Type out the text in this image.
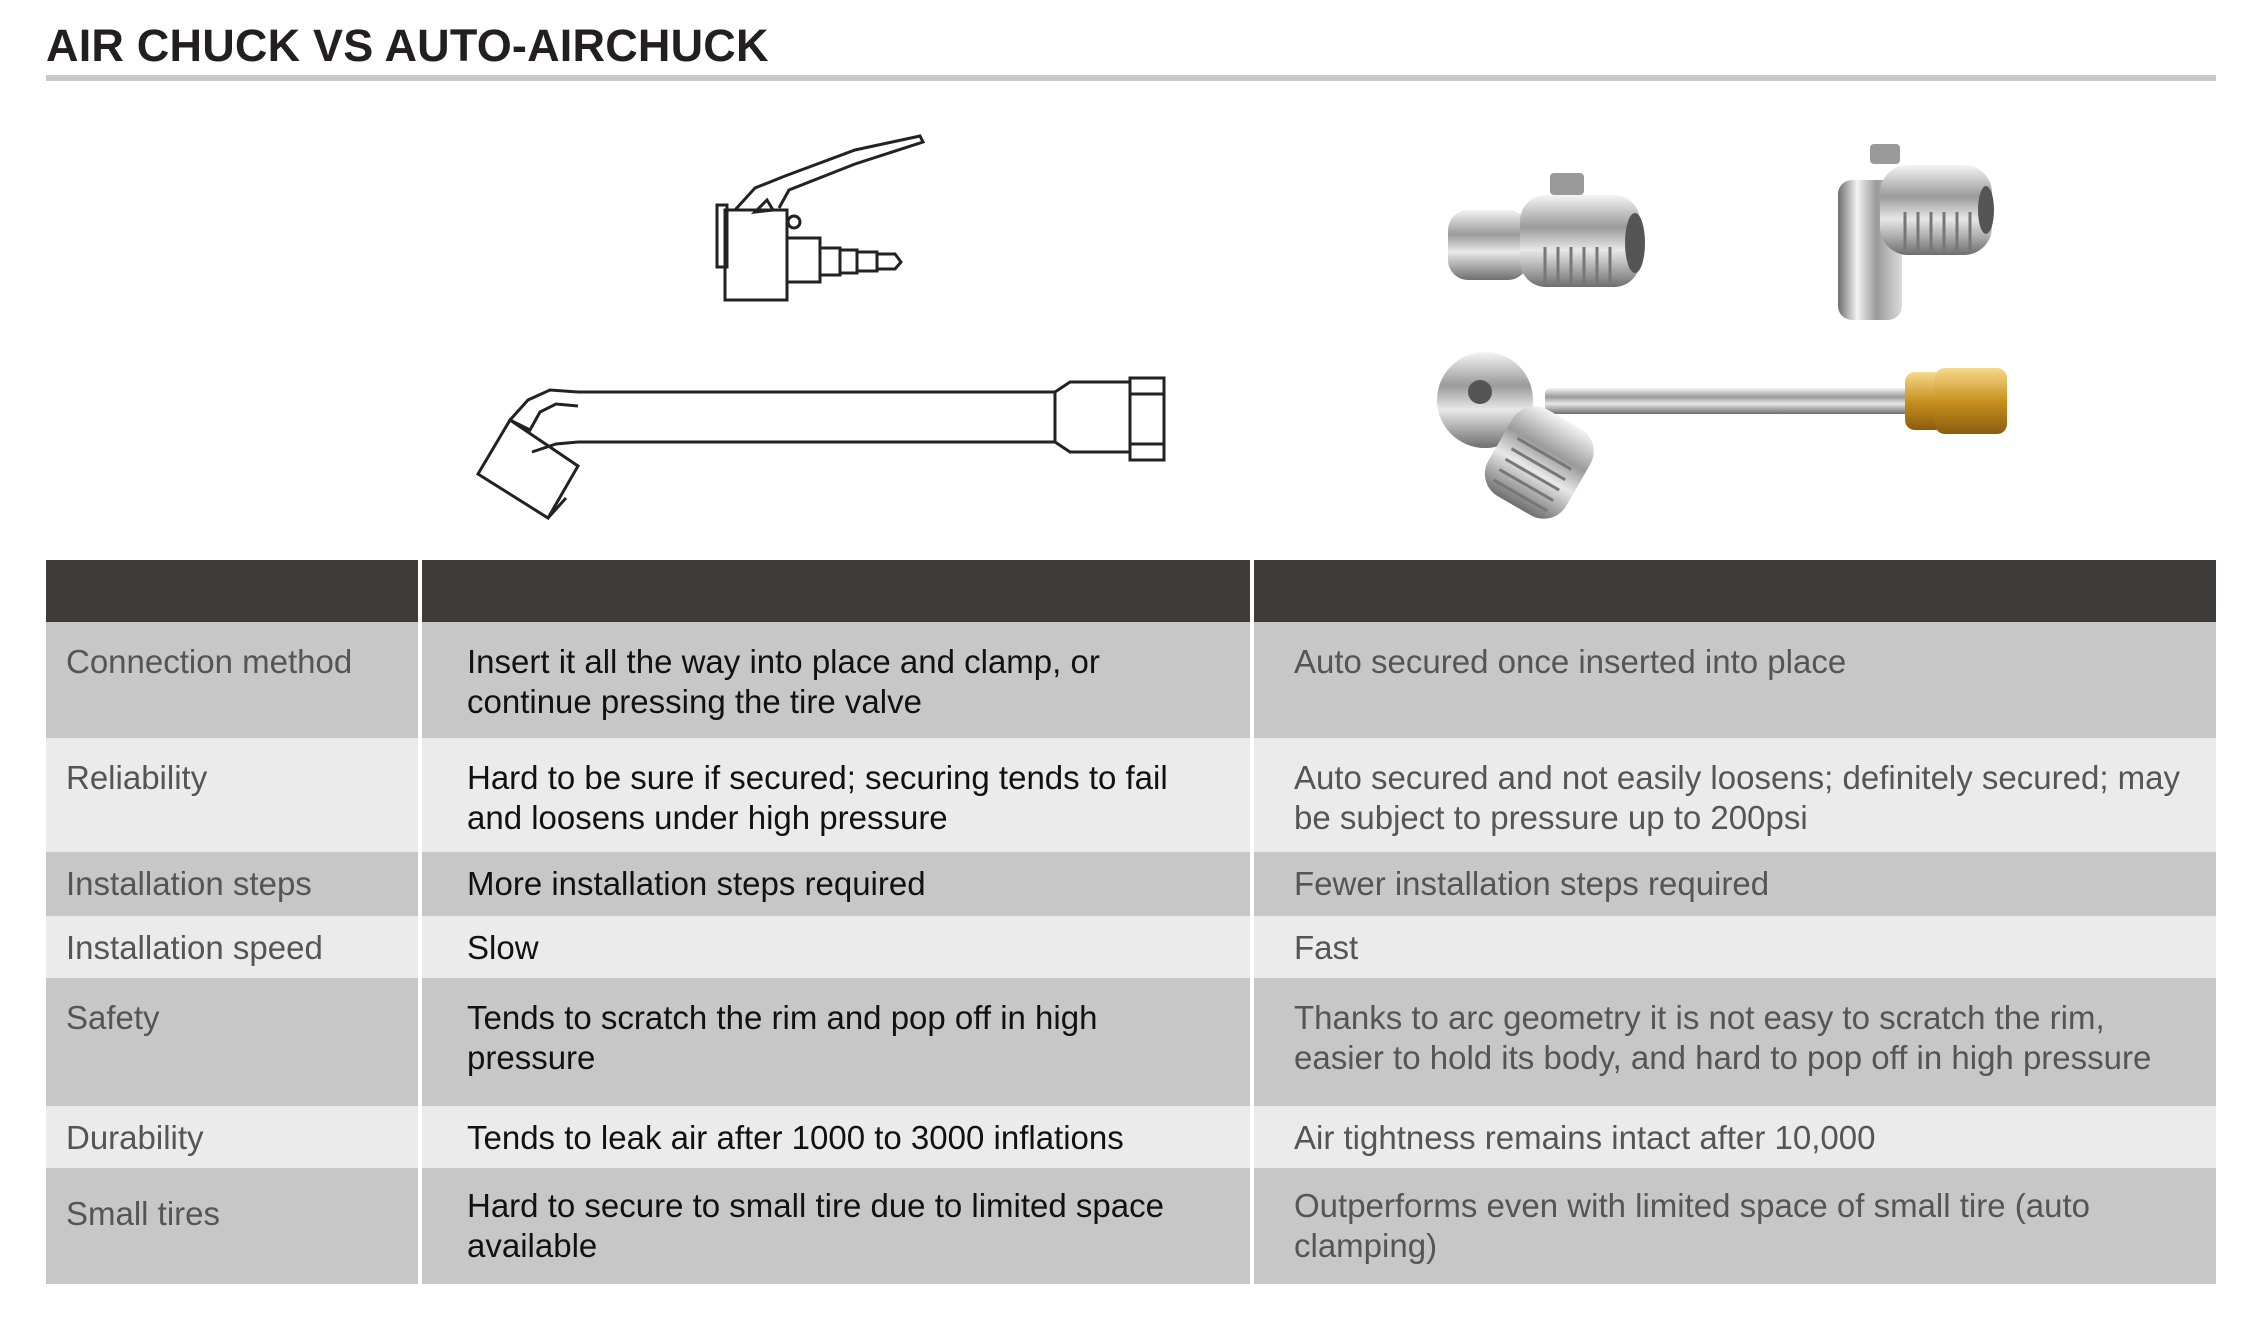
AIR CHUCK VS AUTO-AIRCHUCK

Connection method	Insert it all the way into place and clamp, or continue pressing the tire valve	Auto secured once inserted into place
Reliability	Hard to be sure if secured; securing tends to fail and loosens under high pressure	Auto secured and not easily loosens; definitely secured; may be subject to pressure up to 200psi
Installation steps	More installation steps required	Fewer installation steps required
Installation speed	Slow	Fast
Safety	Tends to scratch the rim and pop off in high pressure	Thanks to arc geometry it is not easy to scratch the rim, easier to hold its body, and hard to pop off in high pressure
Durability	Tends to leak air after 1000 to 3000 inflations	Air tightness remains intact after 10,000
Small tires	Hard to secure to small tire due to limited space available	Outperforms even with limited space of small tire (auto clamping)
